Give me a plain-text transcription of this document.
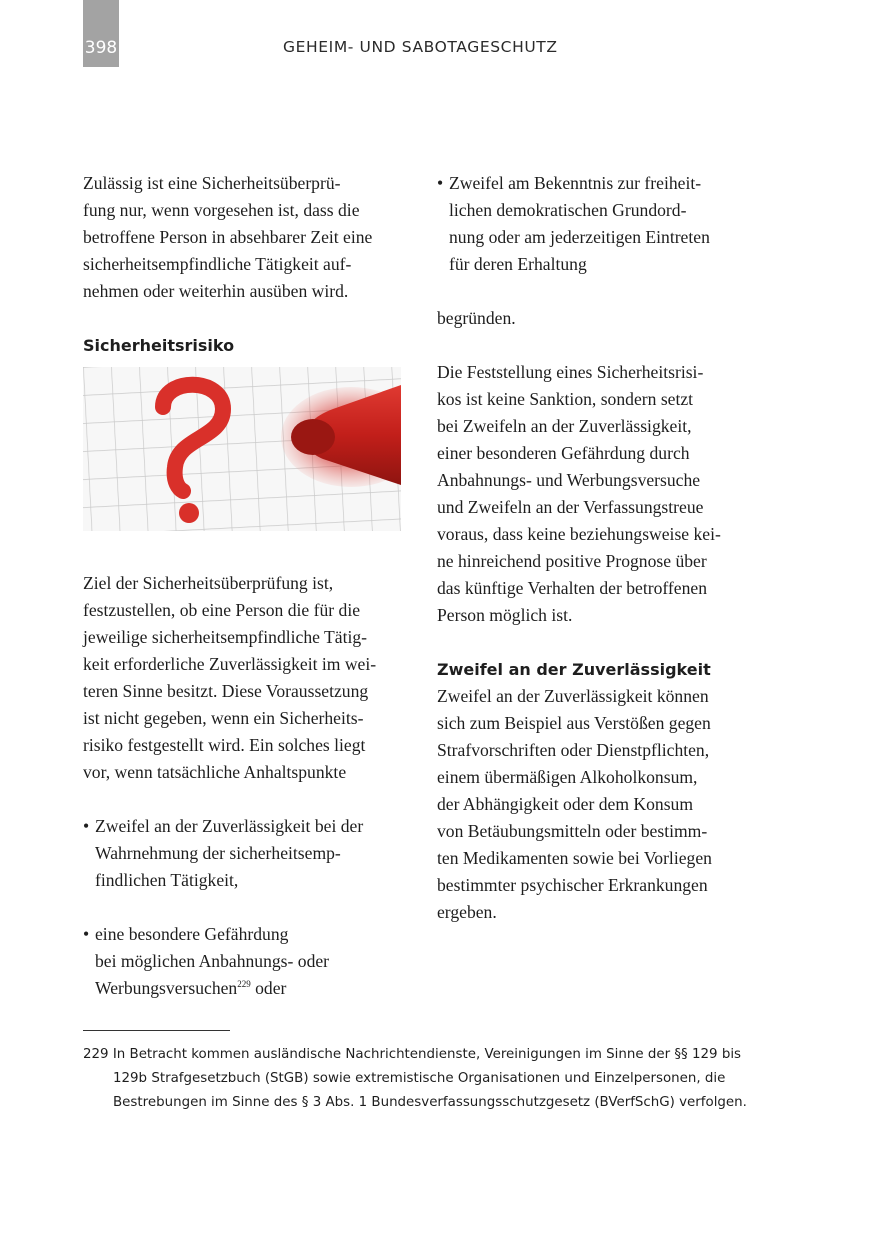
398	GEHEIM- UND SABOTAGESCHUTZ
Zulässig ist eine Sicherheitsüberprü-
fung nur, wenn vorgesehen ist, dass die
betroffene Person in absehbarer Zeit eine
sicherheitsempfindliche Tätigkeit auf-
nehmen oder weiterhin ausüben wird.
Sicherheitsrisiko
Ziel der Sicherheitsüberprüfung ist,
festzustellen, ob eine Person die für die
jeweilige sicherheitsempfindliche Tätig-
keit erforderliche Zuverlässigkeit im wei-
teren Sinne besitzt. Diese Voraussetzung
ist nicht gegeben, wenn ein Sicherheits-
risiko festgestellt wird. Ein solches liegt
vor, wenn tatsächliche Anhaltspunkte
• Zweifel an der Zuverlässigkeit bei der
Wahrnehmung der sicherheitsemp-
findlichen Tätigkeit,
• eine besondere Gefährdung
bei möglichen Anbahnungs- oder
Werbungsversuchen$^{229}$ oder
• Zweifel am Bekenntnis zur freiheit-
lichen demokratischen Grundord-
nung oder am jederzeitigen Eintreten
für deren Erhaltung
begründen.
Die Feststellung eines Sicherheitsrisi-
kos ist keine Sanktion, sondern setzt
bei Zweifeln an der Zuverlässigkeit,
einer besonderen Gefährdung durch
Anbahnungs- und Werbungsversuche
und Zweifeln an der Verfassungstreue
voraus, dass keine beziehungsweise kei-
ne hinreichend positive Prognose über
das künftige Verhalten der betroffenen
Person möglich ist.
Zweifel an der Zuverlässigkeit
Zweifel an der Zuverlässigkeit können
sich zum Beispiel aus Verstößen gegen
Strafvorschriften oder Dienstpflichten,
einem übermäßigen Alkoholkonsum,
der Abhängigkeit oder dem Konsum
von Betäubungsmitteln oder bestimm-
ten Medikamenten sowie bei Vorliegen
bestimmter psychischer Erkrankungen
ergeben.
229 In Betracht kommen ausländische Nachrichtendienste, Vereinigungen im Sinne der §§ 129 bis
129b Strafgesetzbuch (StGB) sowie extremistische Organisationen und Einzelpersonen, die
Bestrebungen im Sinne des § 3 Abs. 1 Bundesverfassungsschutzgesetz (BVerfSchG) verfolgen.
